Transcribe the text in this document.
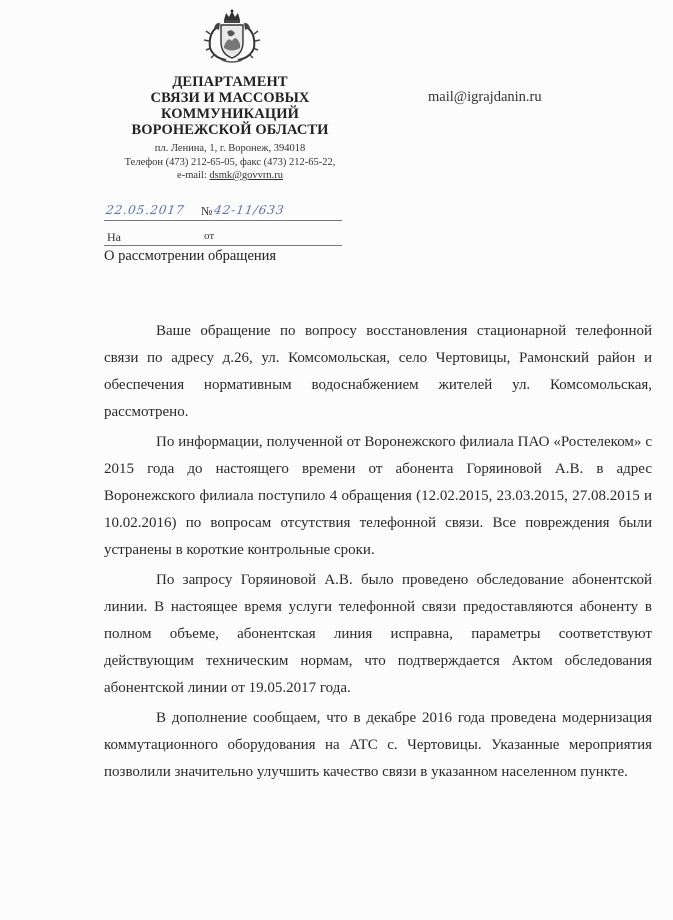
ДЕПАРТАМЕНТ
СВЯЗИ И МАССОВЫХ
КОММУНИКАЦИЙ
ВОРОНЕЖСКОЙ ОБЛАСТИ
пл. Ленина, 1, г. Воронеж, 394018
Телефон (473) 212-65-05, факс (473) 212-65-22,
e-mail: dsmk@govvrn.ru
mail@igrajdanin.ru
22.05.2017 № 42-11/633
На	от
О рассмотрении обращения

Ваше обращение по вопросу восстановления стационарной телефонной связи по адресу д.26, ул. Комсомольская, село Чертовицы, Рамонский район и обеспечения нормативным водоснабжением жителей ул. Комсомольская, рассмотрено.

По информации, полученной от Воронежского филиала ПАО «Ростелеком» с 2015 года до настоящего времени от абонента Горяиновой А.В. в адрес Воронежского филиала поступило 4 обращения (12.02.2015, 23.03.2015, 27.08.2015 и 10.02.2016) по вопросам отсутствия телефонной связи. Все повреждения были устранены в короткие контрольные сроки.

По запросу Горяиновой А.В. было проведено обследование абонентской линии. В настоящее время услуги телефонной связи предоставляются абоненту в полном объеме, абонентская линия исправна, параметры соответствуют действующим техническим нормам, что подтверждается Актом обследования абонентской линии от 19.05.2017 года.

В дополнение сообщаем, что в декабре 2016 года проведена модернизация коммутационного оборудования на АТС с. Чертовицы. Указанные мероприятия позволили значительно улучшить качество связи в указанном населенном пункте.
